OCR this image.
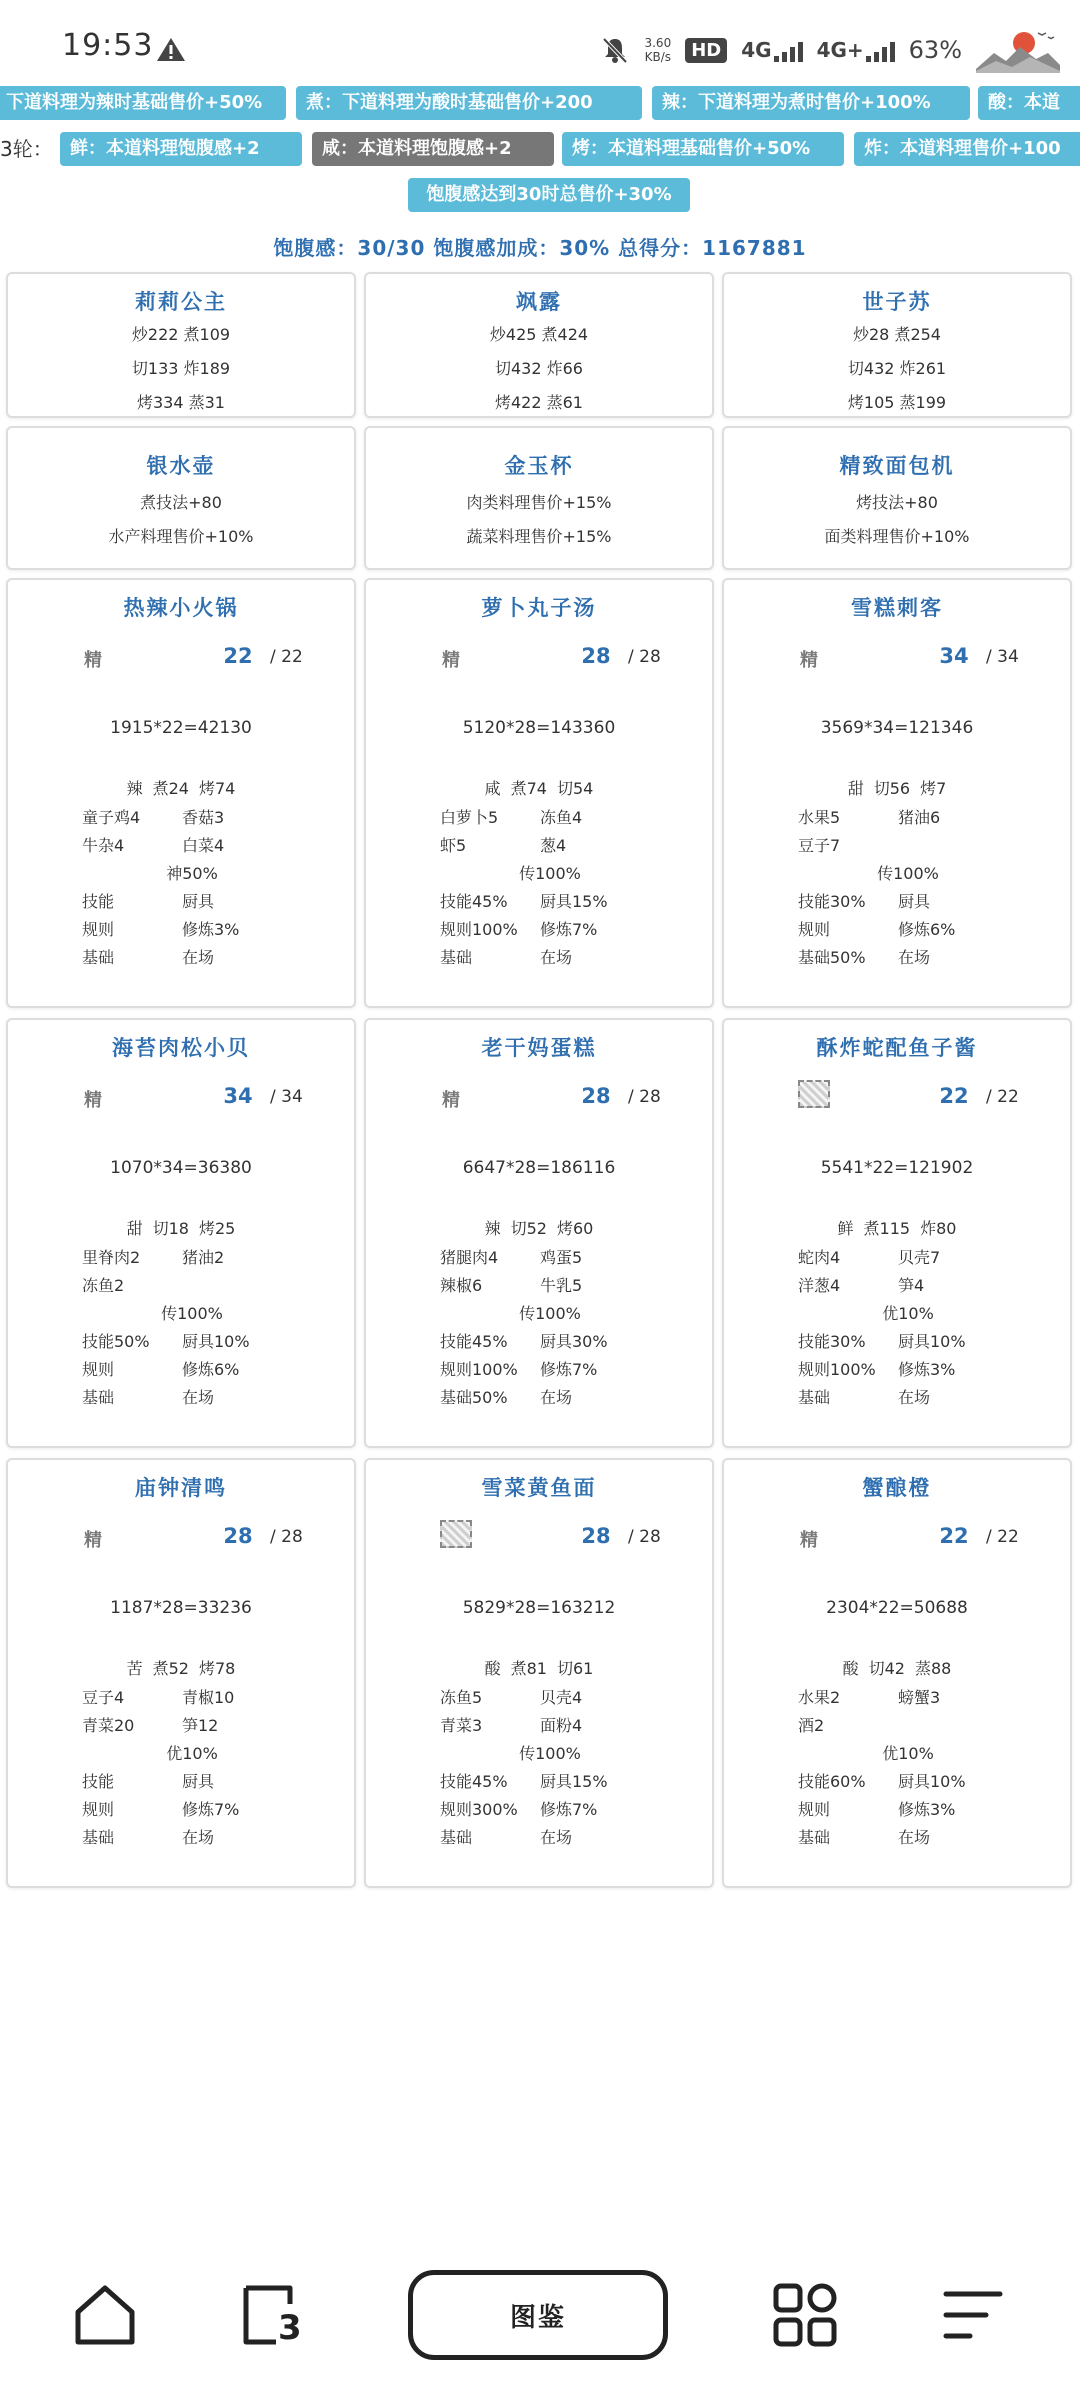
19:53	3.60
KB/s	HD	4G 4G+ 63%
下道料理为辣时基础售价+50%	煮：下道料理为酸时基础售价+200	辣：下道料理为煮时售价+100%	酸：本道
3轮： 鲜：本道料理饱腹感+2	咸：本道料理饱腹感+2	烤：本道料理基础售价+50%	炸：本道料理售价+100
饱腹感达到30时总售价+30%
饱腹感：30/30 饱腹感加成：30% 总得分：1167881
莉莉公主
炒222 煮109
切133 炸189
烤334 蒸31
飒露
炒425 煮424
切432 炸66
烤422 蒸61
世子苏
炒28 煮254
切432 炸261
烤105 蒸199
银水壶
煮技法+80
水产料理售价+10%
金玉杯
肉类料理售价+15%
蔬菜料理售价+15%
精致面包机
烤技法+80
面类料理售价+10%
热辣小火锅
精	22	/ 22
1915*22=42130
辣 煮24 烤74
童子鸡4	香菇3
牛杂4	白菜4
神50%
技能	厨具
规则	修炼3%
基础	在场
萝卜丸子汤
精	28	/ 28
5120*28=143360
咸 煮74 切54
白萝卜5	冻鱼4
虾5	葱4
传100%
技能45% 厨具15%
规则100% 修炼7%
基础	在场
雪糕刺客
精	34	/ 34
3569*34=121346
甜 切56 烤7
水果5	猪油6
豆子7
传100%
技能30% 厨具
规则	修炼6%
基础50% 在场
海苔肉松小贝
精	34	/ 34
1070*34=36380
甜 切18 烤25
里脊肉2	猪油2
冻鱼2
传100%
技能50% 厨具10%
规则	修炼6%
基础	在场
老干妈蛋糕
精	28	/ 28
6647*28=186116
辣 切52 烤60
猪腿肉4	鸡蛋5
辣椒6	牛乳5
传100%
技能45% 厨具30%
规则100% 修炼7%
基础50% 在场
酥炸蛇配鱼子酱
22	/ 22
5541*22=121902
鲜 煮115 炸80
蛇肉4	贝壳7
洋葱4	笋4
优10%
技能30% 厨具10%
规则100% 修炼3%
基础	在场
庙钟清鸣
精	28	/ 28
1187*28=33236
苦 煮52 烤78
豆子4	青椒10
青菜20	笋12
优10%
技能	厨具
规则	修炼7%
基础	在场
雪菜黄鱼面
28	/ 28
5829*28=163212
酸 煮81 切61
冻鱼5	贝壳4
青菜3	面粉4
传100%
技能45% 厨具15%
规则300% 修炼7%
基础	在场
蟹酿橙
精	22	/ 22
2304*22=50688
酸 切42 蒸88
水果2	螃蟹3
酒2
优10%
技能60% 厨具10%
规则	修炼3%
基础	在场
3	图鉴
